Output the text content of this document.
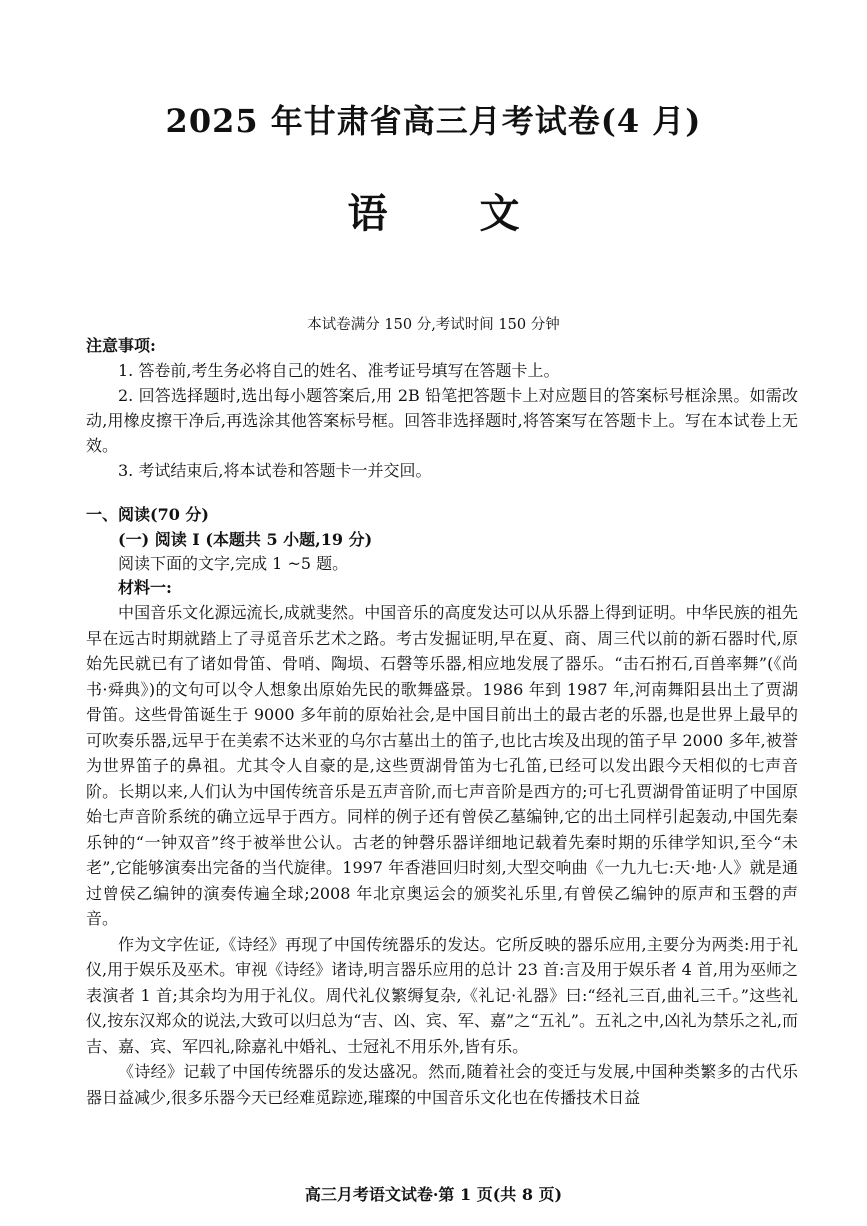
2025 年甘肃省高三月考试卷(4 月)
语文
本试卷满分 150 分,考试时间 150 分钟
注意事项:
1. 答卷前,考生务必将自己的姓名、准考证号填写在答题卡上。
2. 回答选择题时,选出每小题答案后,用 2B 铅笔把答题卡上对应题目的答案标号框涂黑。如需改动,用橡皮擦干净后,再选涂其他答案标号框。回答非选择题时,将答案写在答题卡上。写在本试卷上无效。
3. 考试结束后,将本试卷和答题卡一并交回。
一、阅读(70 分)
(一) 阅读 I (本题共 5 小题,19 分)
阅读下面的文字,完成 1 ~5 题。
材料一:
中国音乐文化源远流长,成就斐然。中国音乐的高度发达可以从乐器上得到证明。中华民族的祖先早在远古时期就踏上了寻觅音乐艺术之路。考古发掘证明,早在夏、商、周三代以前的新石器时代,原始先民就已有了诸如骨笛、骨哨、陶埙、石磬等乐器,相应地发展了器乐。“击石拊石,百兽率舞”(《尚书·舜典》)的文句可以令人想象出原始先民的歌舞盛景。1986 年到 1987 年,河南舞阳县出土了贾湖骨笛。这些骨笛诞生于 9000 多年前的原始社会,是中国目前出土的最古老的乐器,也是世界上最早的可吹奏乐器,远早于在美索不达米亚的乌尔古墓出土的笛子,也比古埃及出现的笛子早 2000 多年,被誉为世界笛子的鼻祖。尤其令人自豪的是,这些贾湖骨笛为七孔笛,已经可以发出跟今天相似的七声音阶。长期以来,人们认为中国传统音乐是五声音阶,而七声音阶是西方的;可七孔贾湖骨笛证明了中国原始七声音阶系统的确立远早于西方。同样的例子还有曾侯乙墓编钟,它的出土同样引起轰动,中国先秦乐钟的“一钟双音”终于被举世公认。古老的钟磬乐器详细地记载着先秦时期的乐律学知识,至今“未老”,它能够演奏出完备的当代旋律。1997 年香港回归时刻,大型交响曲《一九九七:天·地·人》就是通过曾侯乙编钟的演奏传遍全球;2008 年北京奥运会的颁奖礼乐里,有曾侯乙编钟的原声和玉磬的声音。
作为文字佐证,《诗经》再现了中国传统器乐的发达。它所反映的器乐应用,主要分为两类:用于礼仪,用于娱乐及巫术。审视《诗经》诸诗,明言器乐应用的总计 23 首:言及用于娱乐者 4 首,用为巫师之表演者 1 首;其余均为用于礼仪。周代礼仪繁缛复杂,《礼记·礼器》曰:“经礼三百,曲礼三千。”这些礼仪,按东汉郑众的说法,大致可以归总为“吉、凶、宾、军、嘉”之“五礼”。五礼之中,凶礼为禁乐之礼,而吉、嘉、宾、军四礼,除嘉礼中婚礼、士冠礼不用乐外,皆有乐。
《诗经》记载了中国传统器乐的发达盛况。然而,随着社会的变迁与发展,中国种类繁多的古代乐器日益减少,很多乐器今天已经难觅踪迹,璀璨的中国音乐文化也在传播技术日益
高三月考语文试卷·第 1 页(共 8 页)
